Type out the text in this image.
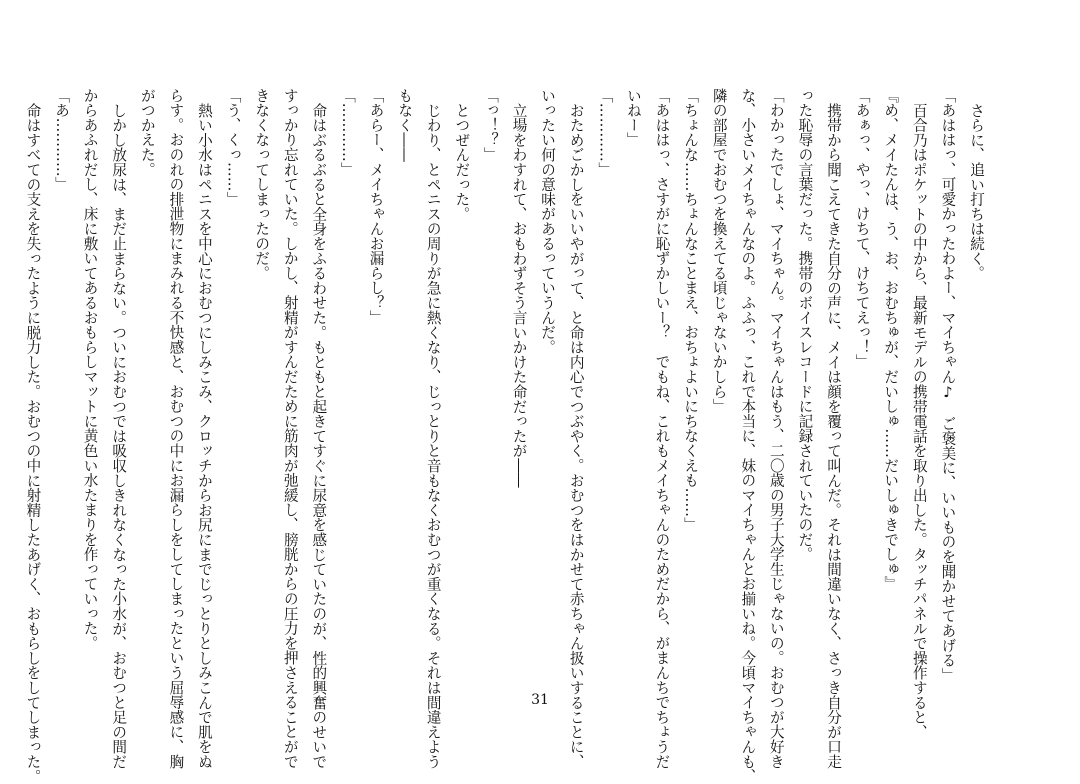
さらに、追い打ちは続く。

「あははっ、可愛かったわよー、マイちゃん♪　ご褒美に、いいものを聞かせてあげる」

百合乃はポケットの中から、最新モデルの携帯電話を取り出した。タッチパネルで操作すると、

『め、メイたんは、う、お、おむちゅが、だいしゅ……だいしゅきでしゅ』

「あぁっ、やっ、けちて、けちてえっ！」

携帯から聞こえてきた自分の声に、メイは顔を覆って叫んだ。それは間違いなく、さっき自分が口走

った恥辱の言葉だった。携帯のボイスレコードに記録されていたのだ。

「わかったでしょ、マイちゃん。マイちゃんはもう、二〇歳の男子大学生じゃないの。おむつが大好き

な、小さいメイちゃんなのよ。ふふっ、これで本当に、妹のマイちゃんとお揃いね。今頃マイちゃんも、

隣の部屋でおむつを換えてる頃じゃないかしら」

「ちょんな……ちょんなことまえ、おちょよいにちなくえも……」

「あははっ、さすがに恥ずかしいー？　でもね、これもメイちゃんのためだから、がまんちでちょうだ

いねー」

「…………」

おためごかしをいいやがって、と命は内心でつぶやく。おむつをはかせて赤ちゃん扱いすることに、

いったい何の意味があるっていうんだ。

立場をわすれて、おもわずそう言いかけた命だったが――

「っ！？」

とつぜんだった。

じわり、とペニスの周りが急に熱くなり、じっとりと音もなくおむつが重くなる。それは間違えよう

もなく――

「あらー、メイちゃんお漏らし？」

「…………」

命はぶるぶると全身をふるわせた。もともと起きてすぐに尿意を感じていたのが、性的興奮のせいで

すっかり忘れていた。しかし、射精がすんだために筋肉が弛緩し、膀胱からの圧力を押さえることがで

きなくなってしまったのだ。

「う、くっ……」

熱い小水はペニスを中心におむつにしみこみ、クロッチからお尻にまでじっとりとしみこんで肌をぬ

らす。おのれの排泄物にまみれる不快感と、おむつの中にお漏らしをしてしまったという屈辱感に、胸

がつかえた。

しかし放尿は、まだ止まらない。ついにおむつでは吸収しきれなくなった小水が、おむつと足の間だ

からあふれだし、床に敷いてあるおもらしマットに黄色い水たまりを作っていった。

「あ…………」

命はすべての支えを失ったように脱力した。おむつの中に射精したあげく、おもらしをしてしまった。	31
